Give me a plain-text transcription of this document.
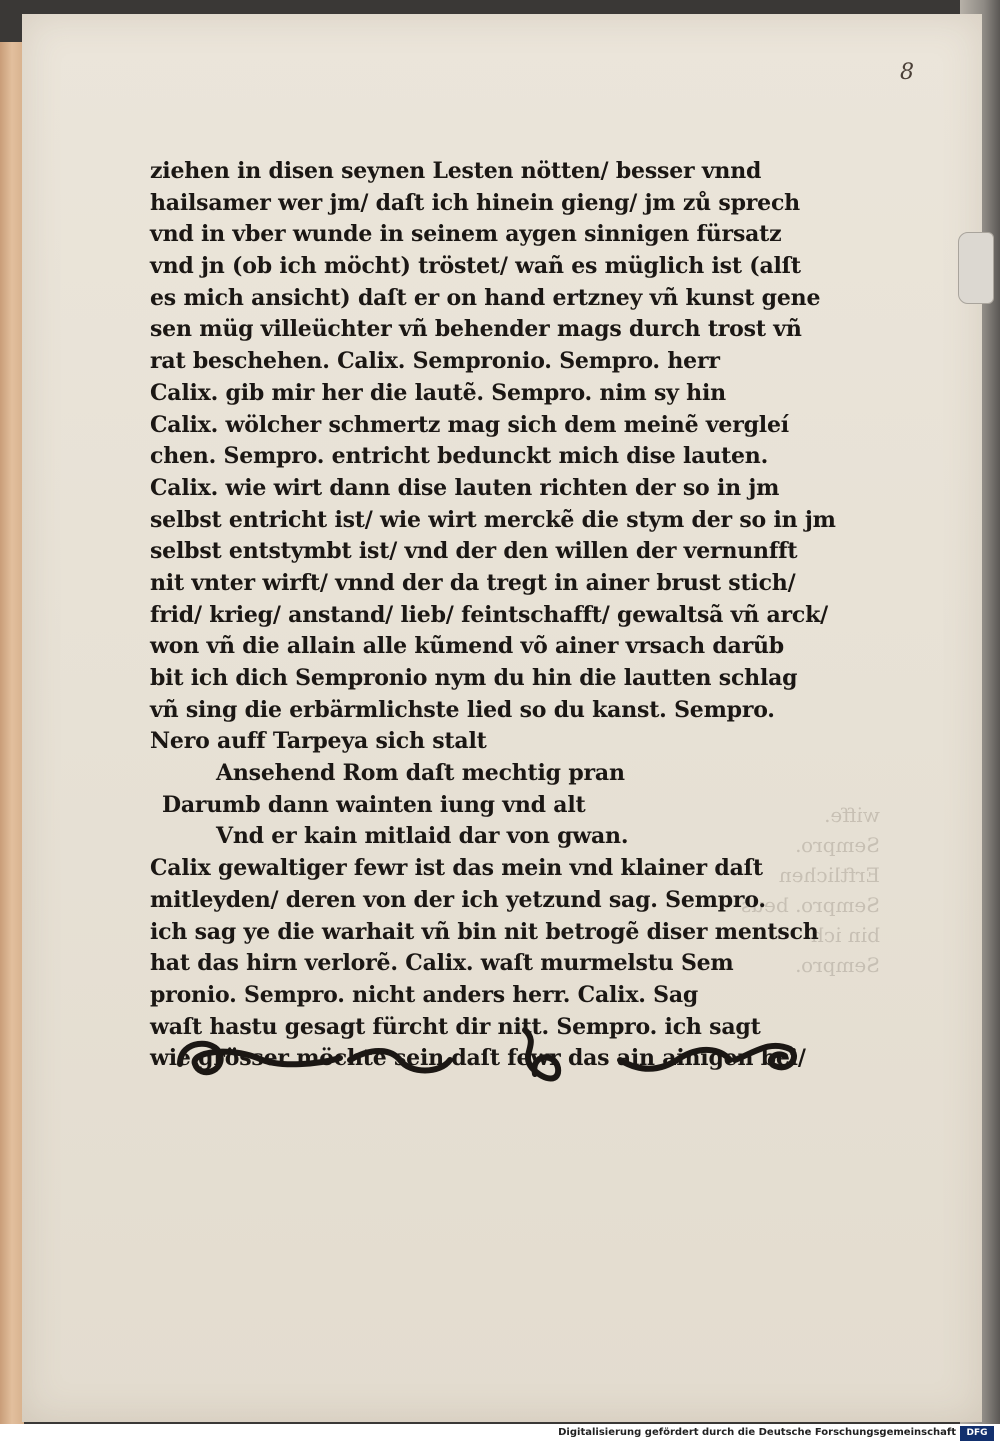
8
wiffe. Sempro. Erftlichen Sempro. beus bin ich Sempro.
ziehen in disen seynen Lesten nötten/ besser vnnd
hailsamer wer jm/ daſt ich hinein gieng/ jm zů sprech
vnd in vber wunde in seinem aygen sinnigen fürsatz
vnd jn (ob ich möcht) tröstet/ wañ es müglich ist (alſt
es mich ansicht) daſt er on hand ertzney vñ kunst gene
sen müg villeüchter vñ behender mags durch trost vñ
rat beschehen. Calix. Sempronio. Sempro. herr
Calix. gib mir her die lautẽ. Sempro. nim sy hin
Calix. wölcher schmertz mag sich dem meinẽ vergleí
chen. Sempro. entricht bedunckt mich dise lauten.
Calix. wie wirt dann dise lauten richten der so in jm
selbst entricht ist/ wie wirt merckẽ die stym der so in jm
selbst entstymbt ist/ vnd der den willen der vernunfft
nit vnter wirft/ vnnd der da tregt in ainer brust stich/
frid/ krieg/ anstand/ lieb/ feintschafft/ gewaltsã vñ arck/
won vñ die allain alle kũmend võ ainer vrsach darũb
bit ich dich Sempronio nym du hin die lautten schlag
vñ sing die erbärmlichste lied so du kanst. Sempro.
Nero auff Tarpeya sich stalt
Ansehend Rom daſt mechtig pran
Darumb dann wainten iung vnd alt
Vnd er kain mitlaid dar von gwan.
Calix gewaltiger fewr ist das mein vnd klainer daſt
mitleyden/ deren von der ich yetzund sag. Sempro.
ich sag ye die warhait vñ bin nit betrogẽ diser mentsch
hat das hirn verlorẽ. Calix. waſt murmelstu Sem
pronio. Sempro. nicht anders herr. Calix. Sag
waſt hastu gesagt fürcht dir nitt. Sempro. ich sagt
wie grösser möchte sein daſt fewr das ain ainigen bei/
Digitalisierung gefördert durch die Deutsche Forschungsgemeinschaft	DFG
